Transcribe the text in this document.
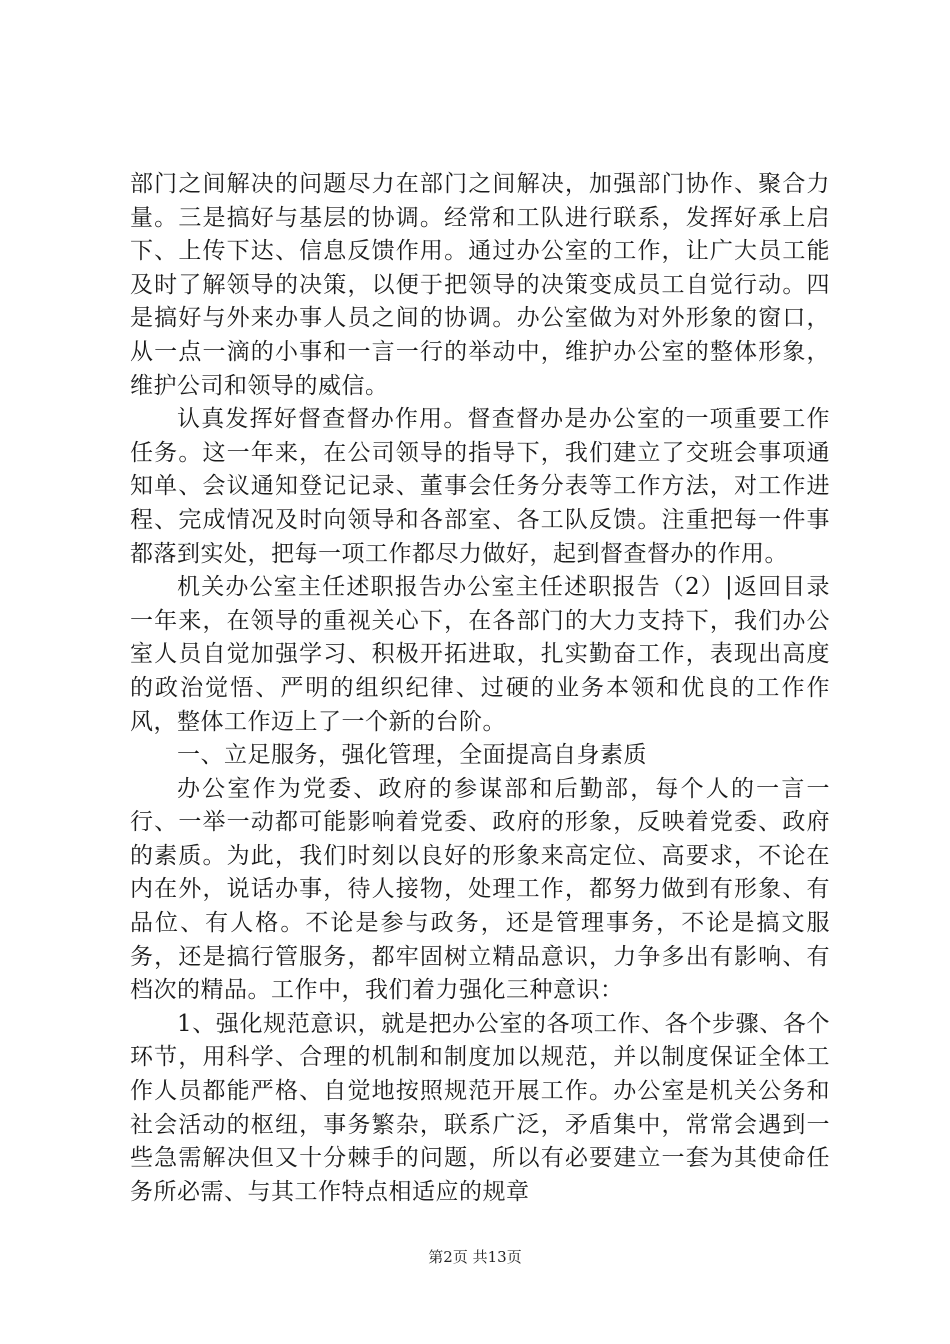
部门之间解决的问题尽力在部门之间解决，加强部门协作、聚合力量。三是搞好与基层的协调。经常和工队进行联系，发挥好承上启下、上传下达、信息反馈作用。通过办公室的工作，让广大员工能及时了解领导的决策，以便于把领导的决策变成员工自觉行动。四是搞好与外来办事人员之间的协调。办公室做为对外形象的窗口，从一点一滴的小事和一言一行的举动中，维护办公室的整体形象，维护公司和领导的威信。

认真发挥好督查督办作用。督查督办是办公室的一项重要工作任务。这一年来，在公司领导的指导下，我们建立了交班会事项通知单、会议通知登记记录、董事会任务分表等工作方法，对工作进程、完成情况及时向领导和各部室、各工队反馈。注重把每一件事都落到实处，把每一项工作都尽力做好，起到督查督办的作用。

机关办公室主任述职报告办公室主任述职报告（2）|返回目录一年来，在领导的重视关心下，在各部门的大力支持下，我们办公室人员自觉加强学习、积极开拓进取，扎实勤奋工作，表现出高度的政治觉悟、严明的组织纪律、过硬的业务本领和优良的工作作风，整体工作迈上了一个新的台阶。

一、立足服务，强化管理，全面提高自身素质

办公室作为党委、政府的参谋部和后勤部，每个人的一言一行、一举一动都可能影响着党委、政府的形象，反映着党委、政府的素质。为此，我们时刻以良好的形象来高定位、高要求，不论在内在外，说话办事，待人接物，处理工作，都努力做到有形象、有品位、有人格。不论是参与政务，还是管理事务，不论是搞文服务，还是搞行管服务，都牢固树立精品意识，力争多出有影响、有档次的精品。工作中，我们着力强化三种意识：

1、强化规范意识，就是把办公室的各项工作、各个步骤、各个环节，用科学、合理的机制和制度加以规范，并以制度保证全体工作人员都能严格、自觉地按照规范开展工作。办公室是机关公务和社会活动的枢纽，事务繁杂，联系广泛，矛盾集中，常常会遇到一些急需解决但又十分棘手的问题，所以有必要建立一套为其使命任务所必需、与其工作特点相适应的规章

第2页 共13页
